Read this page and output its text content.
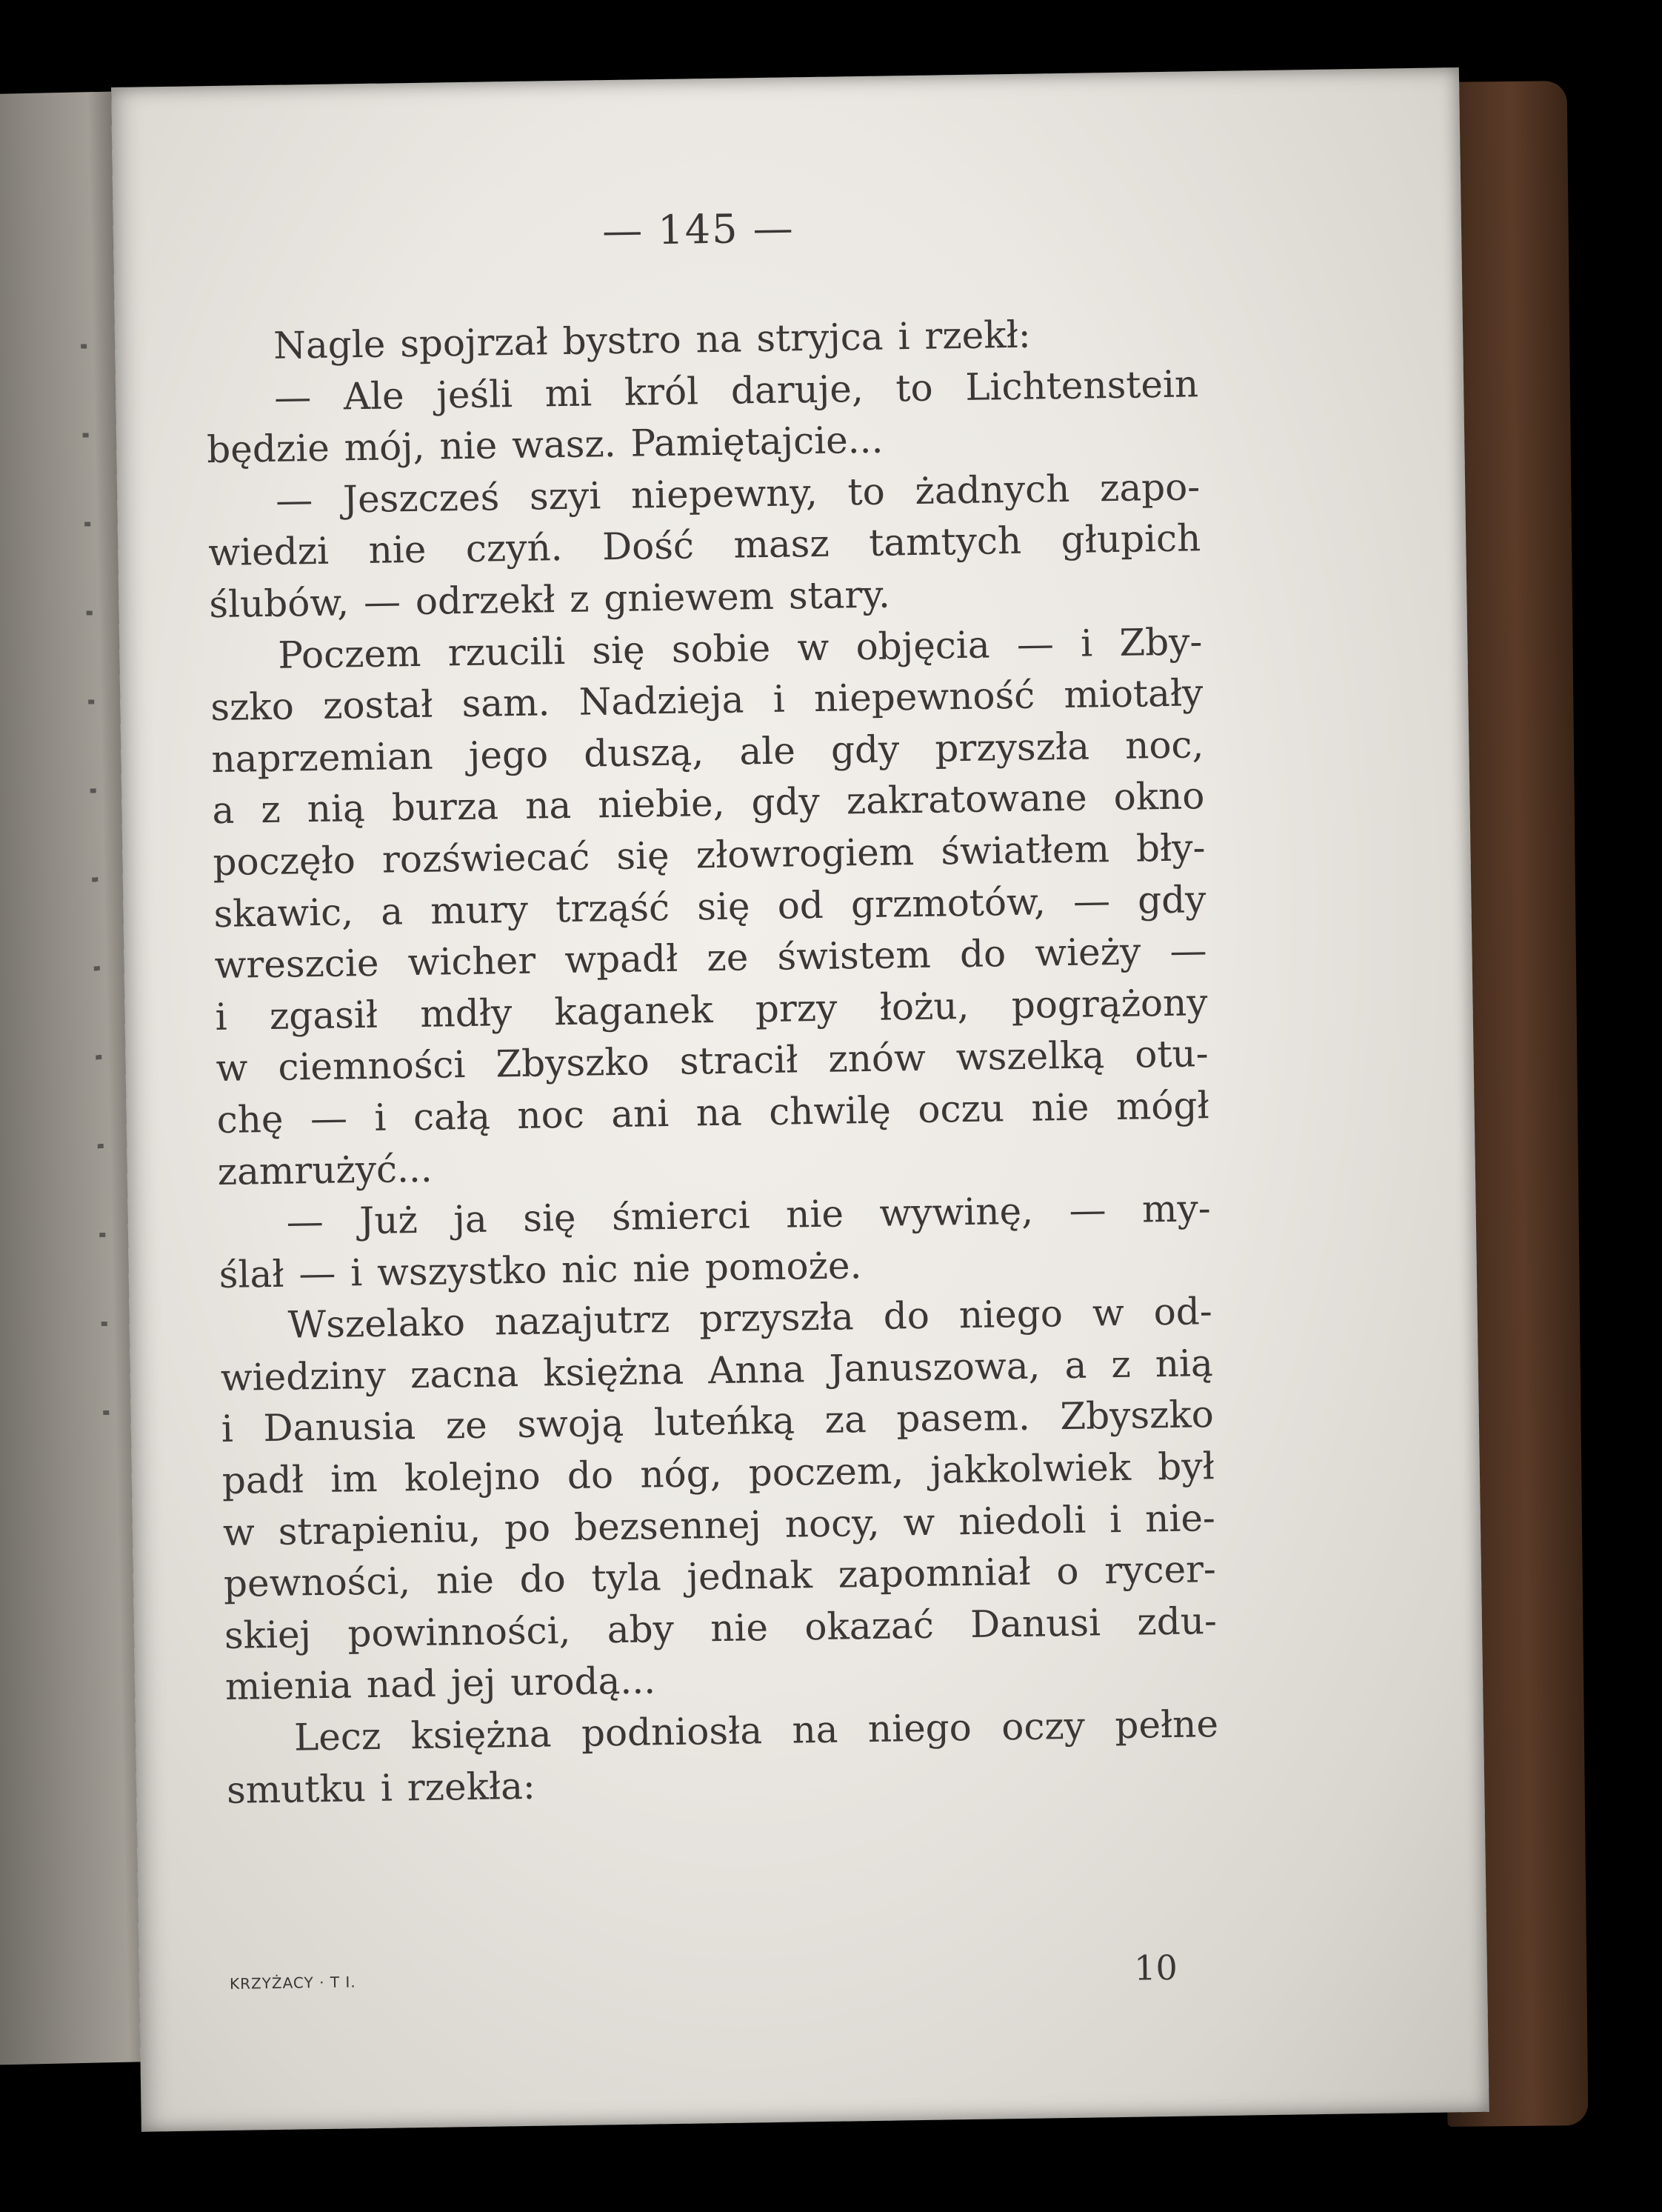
— 145 —
Nagle spojrzał bystro na stryjca i rzekł:
— Ale jeśli mi król daruje, to Lichtenstein
będzie mój, nie wasz. Pamiętajcie...
— Jeszcześ szyi niepewny, to żadnych zapo-
wiedzi nie czyń. Dość masz tamtych głupich
ślubów, — odrzekł z gniewem stary.
Poczem rzucili się sobie w objęcia — i Zby-
szko został sam. Nadzieja i niepewność miotały
naprzemian jego duszą, ale gdy przyszła noc,
a z nią burza na niebie, gdy zakratowane okno
poczęło rozświecać się złowrogiem światłem bły-
skawic, a mury trząść się od grzmotów, — gdy
wreszcie wicher wpadł ze świstem do wieży —
i zgasił mdły kaganek przy łożu, pogrążony
w ciemności Zbyszko stracił znów wszelką otu-
chę — i całą noc ani na chwilę oczu nie mógł
zamrużyć...
— Już ja się śmierci nie wywinę, — my-
ślał — i wszystko nic nie pomoże.
Wszelako nazajutrz przyszła do niego w od-
wiedziny zacna księżna Anna Januszowa, a z nią
i Danusia ze swoją luteńką za pasem. Zbyszko
padł im kolejno do nóg, poczem, jakkolwiek był
w strapieniu, po bezsennej nocy, w niedoli i nie-
pewności, nie do tyla jednak zapomniał o rycer-
skiej powinności, aby nie okazać Danusi zdu-
mienia nad jej urodą...
Lecz księżna podniosła na niego oczy pełne
smutku i rzekła:
KRZYŻACY · T I.	10
